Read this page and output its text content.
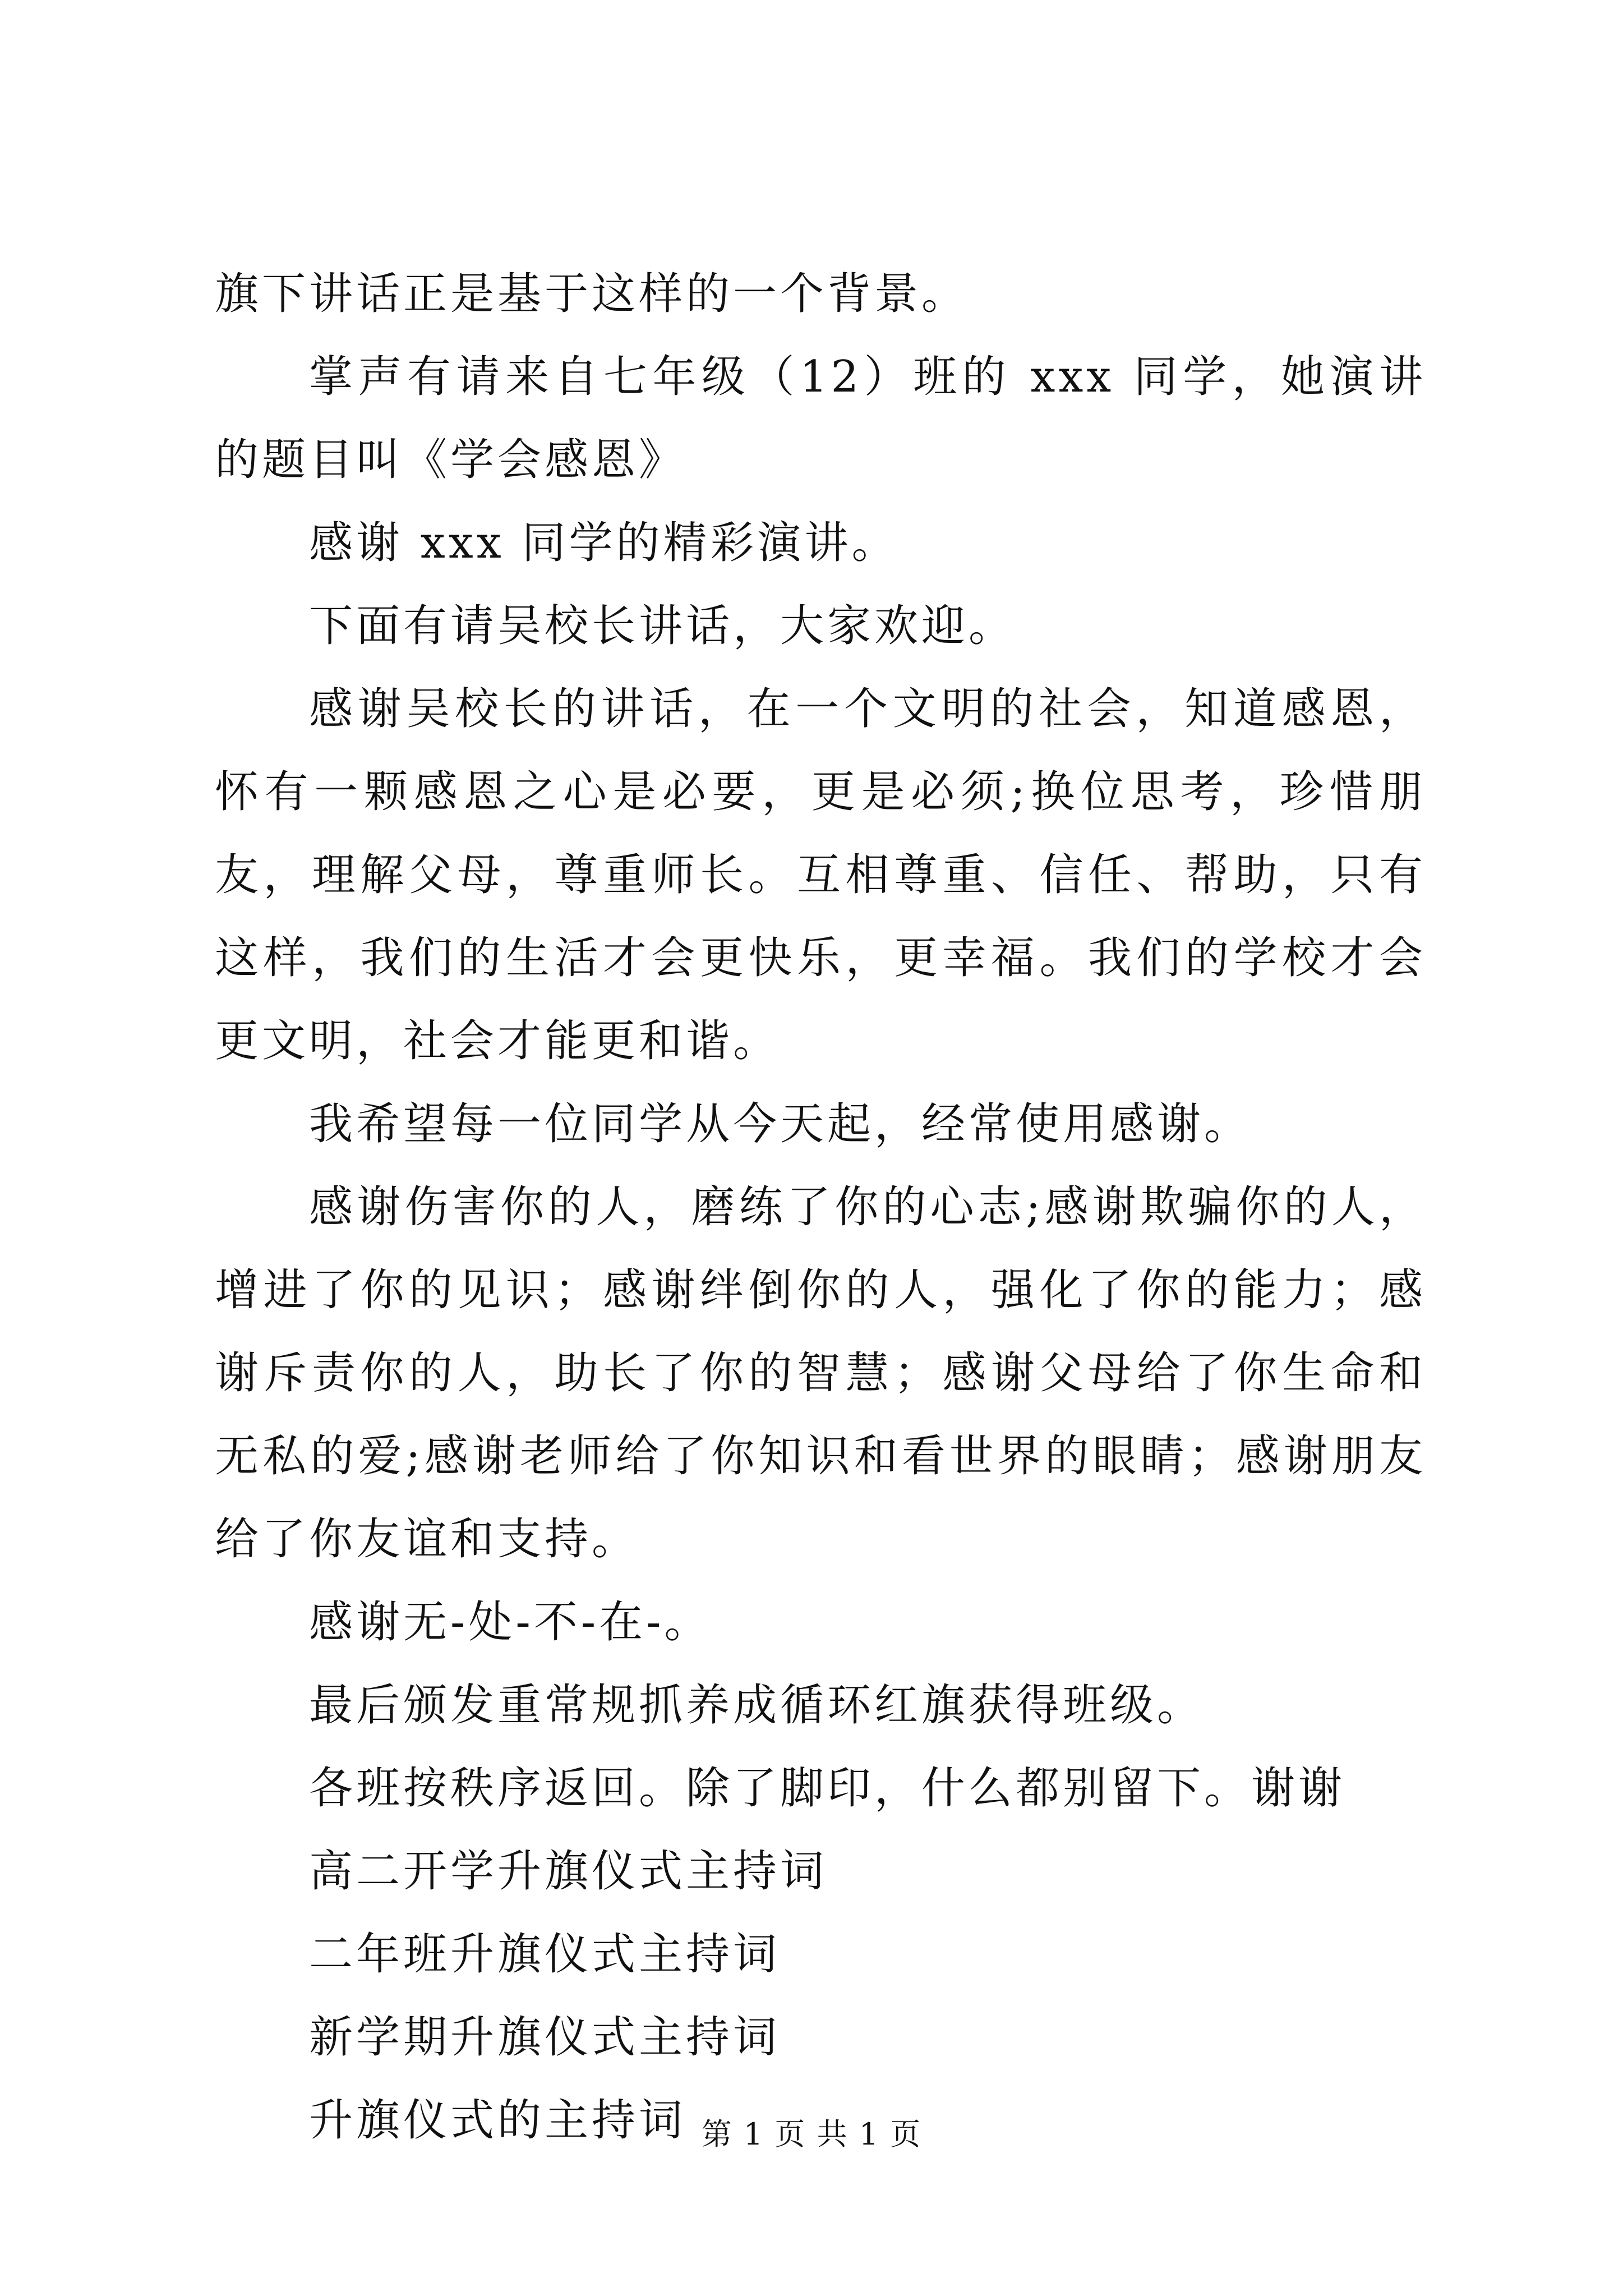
旗下讲话正是基于这样的一个背景。

掌声有请来自七年级（12）班的 xxx 同学，她演讲的题目叫《学会感恩》

感谢 xxx 同学的精彩演讲。

下面有请吴校长讲话，大家欢迎。

感谢吴校长的讲话，在一个文明的社会，知道感恩，怀有一颗感恩之心是必要，更是必须;换位思考，珍惜朋友，理解父母，尊重师长。互相尊重、信任、帮助，只有这样，我们的生活才会更快乐，更幸福。我们的学校才会更文明，社会才能更和谐。

我希望每一位同学从今天起，经常使用感谢。

感谢伤害你的人，磨练了你的心志;感谢欺骗你的人，增进了你的见识；感谢绊倒你的人，强化了你的能力；感谢斥责你的人，助长了你的智慧；感谢父母给了你生命和无私的爱;感谢老师给了你知识和看世界的眼睛；感谢朋友给了你友谊和支持。

感谢无-处-不-在-。

最后颁发重常规抓养成循环红旗获得班级。

各班按秩序返回。除了脚印，什么都别留下。谢谢

高二开学升旗仪式主持词

二年班升旗仪式主持词

新学期升旗仪式主持词

升旗仪式的主持词 第 1 页 共 1 页
